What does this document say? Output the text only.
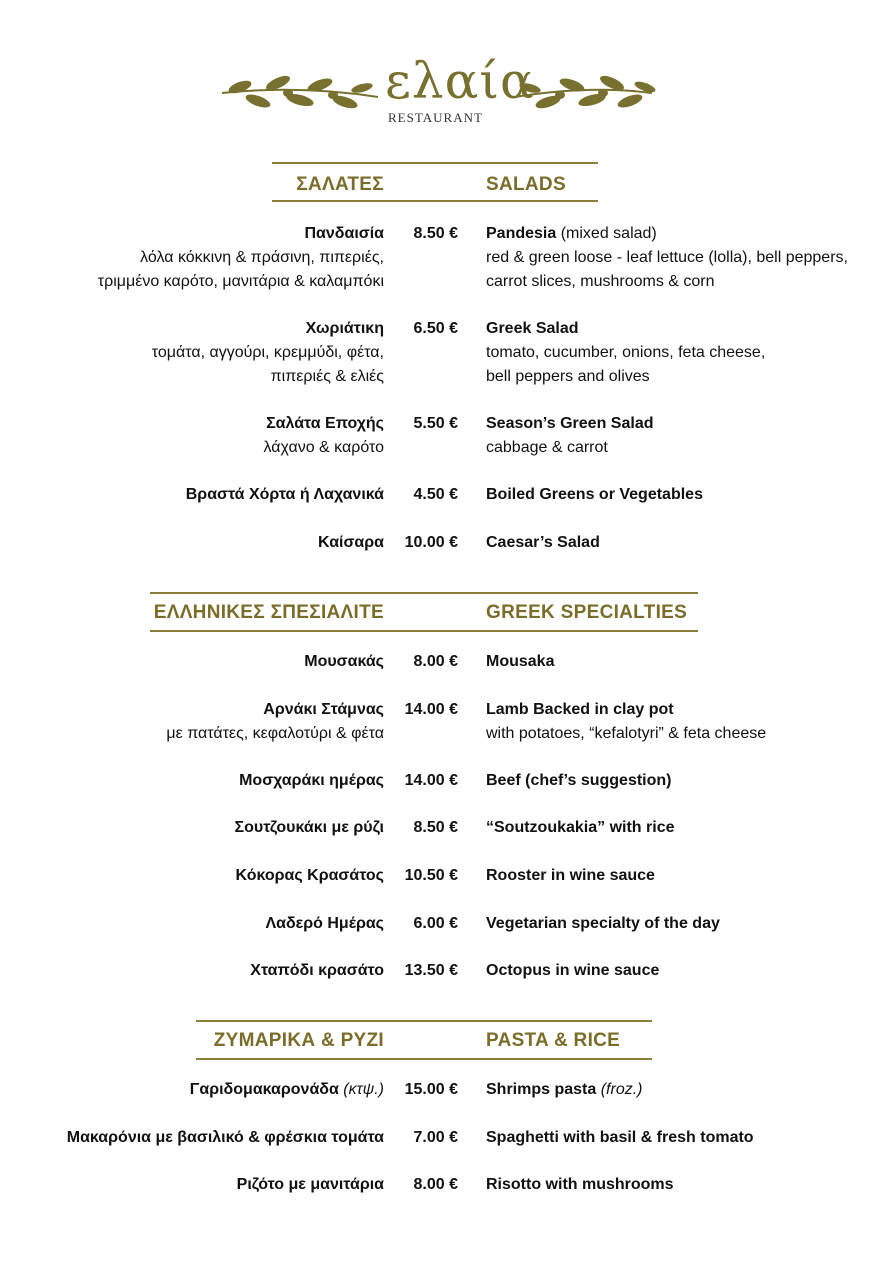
ελαία
RESTAURANT
ΣΑΛΑΤΕΣ	SALADS
Πανδαισία
λόλα κόκκινη & πράσινη, πιπεριές,
τριμμένο καρότο, μανιτάρια & καλαμπόκι
8.50 € Pandesia (mixed salad)
red & green loose - leaf lettuce (lolla), bell peppers,
carrot slices, mushrooms & corn
Χωριάτικη
τομάτα, αγγούρι, κρεμμύδι, φέτα,
πιπεριές & ελιές
6.50 € Greek Salad
tomato, cucumber, onions, feta cheese,
bell peppers and olives
Σαλάτα Εποχής
λάχανο & καρότο
5.50 € Season’s Green Salad
cabbage & carrot
Βραστά Χόρτα ή Λαχανικά	4.50 € Boiled Greens or Vegetables
Καίσαρα	10.00 € Caesar’s Salad
ΕΛΛΗΝΙΚΕΣ ΣΠΕΣΙΑΛΙΤΕ	GREEK SPECIALTIES
Μουσακάς	8.00 € Mousaka
Αρνάκι Στάμνας
με πατάτες, κεφαλοτύρι & φέτα
14.00 € Lamb Backed in clay pot
with potatoes, “kefalotyri” & feta cheese
Μοσχαράκι ημέρας	14.00 € Beef (chef’s suggestion)
Σουτζουκάκι με ρύζι	8.50 € “Soutzoukakia” with rice
Κόκορας Κρασάτος	10.50 € Rooster in wine sauce
Λαδερό Ημέρας	6.00 € Vegetarian specialty of the day
Χταπόδι κρασάτο	13.50 € Octopus in wine sauce
ΖΥΜΑΡΙΚΑ & ΡΥΖΙ	PASTA & RICE
Γαριδομακαρονάδα (κτψ.)	15.00 € Shrimps pasta (froz.)
Μακαρόνια με βασιλικό & φρέσκια τομάτα	7.00 € Spaghetti with basil & fresh tomato
Ριζότο με μανιτάρια	8.00 € Risotto with mushrooms
